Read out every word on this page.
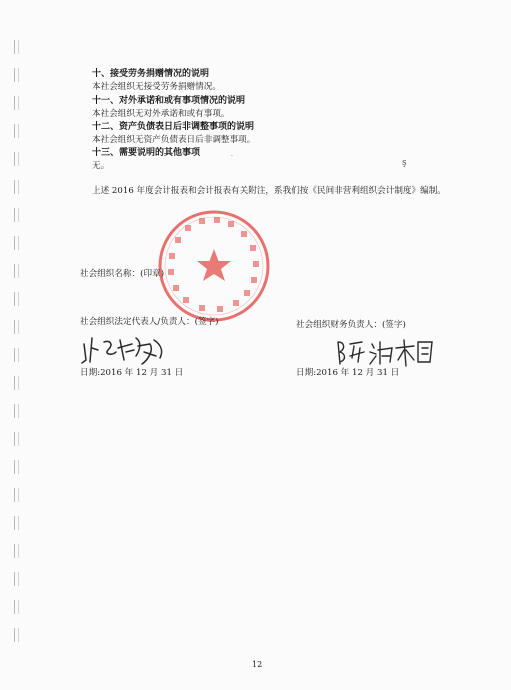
十、接受劳务捐赠情况的说明
本社会组织无接受劳务捐赠情况。
十一、对外承诺和或有事项情况的说明
本社会组织无对外承诺和或有事项。
十二、资产负债表日后非调整事项的说明
本社会组织无资产负债表日后非调整事项。
十三、需要说明的其他事项
无。	ş
·
上述 2016 年度会计报表和会计报表有关附注，系我们按《民间非营利组织会计制度》编制。
社会组织名称：(印章)
社会组织法定代表人/负责人：(签字)
日期:2016 年 12 月 31 日
社会组织财务负责人：(签字)
日期:2016 年 12 月 31 日
12
